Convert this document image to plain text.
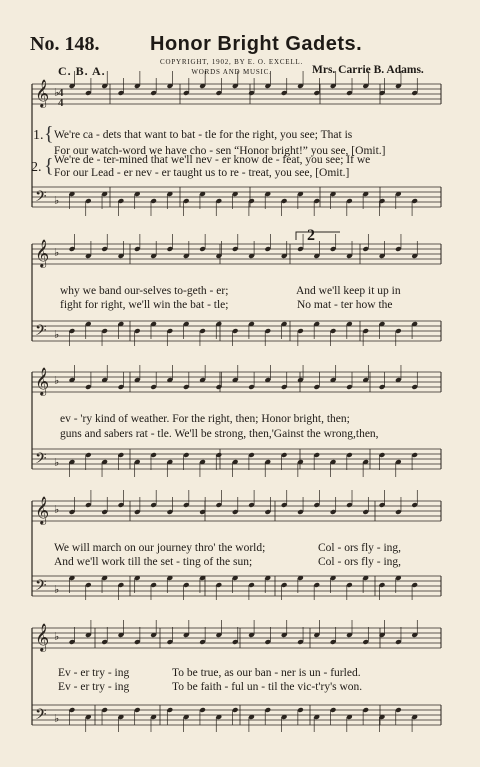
No. 148.	Honor Bright Gadets.
COPYRIGHT, 1902, BY E. O. EXCELL.
WORDS AND MUSIC.
C. B. A.	Mrs. Carrie B. Adams.
𝄞 ♭
𝄢 ♭
𝄞 ♭
𝄢 ♭
𝄞 ♭
𝄢 ♭
𝄞 ♭
𝄢 ♭
𝄞 ♭
𝄢 ♭
4
4
1.
2.
{
{
We're ca - dets that want to bat - tle for the right, you see; That is
For our watch-word we have cho - sen “Honor bright!” you see, [Omit.]
We're de - ter-mined that we'll nev - er know de - feat, you see; If we
For our Lead - er nev - er taught us to re - treat, you see, [Omit.]
2
why we band our-selves to-geth - er;	And we'll keep it up in
fight for right, we'll win the bat - tle;	No mat - ter how the
ev - 'ry kind of weather. For the right, then; Honor bright, then;
guns and sabers rat - tle. We'll be strong, then,'Gainst the wrong,then,
We will march on our journey thro' the world;	Col - ors fly - ing,
And we'll work till the set - ting of the sun;	Col - ors fly - ing,
Ev - er try - ing	To be true, as our ban - ner is un - furled.
Ev - er try - ing	To be faith - ful un - til the vic-t'ry's won.
